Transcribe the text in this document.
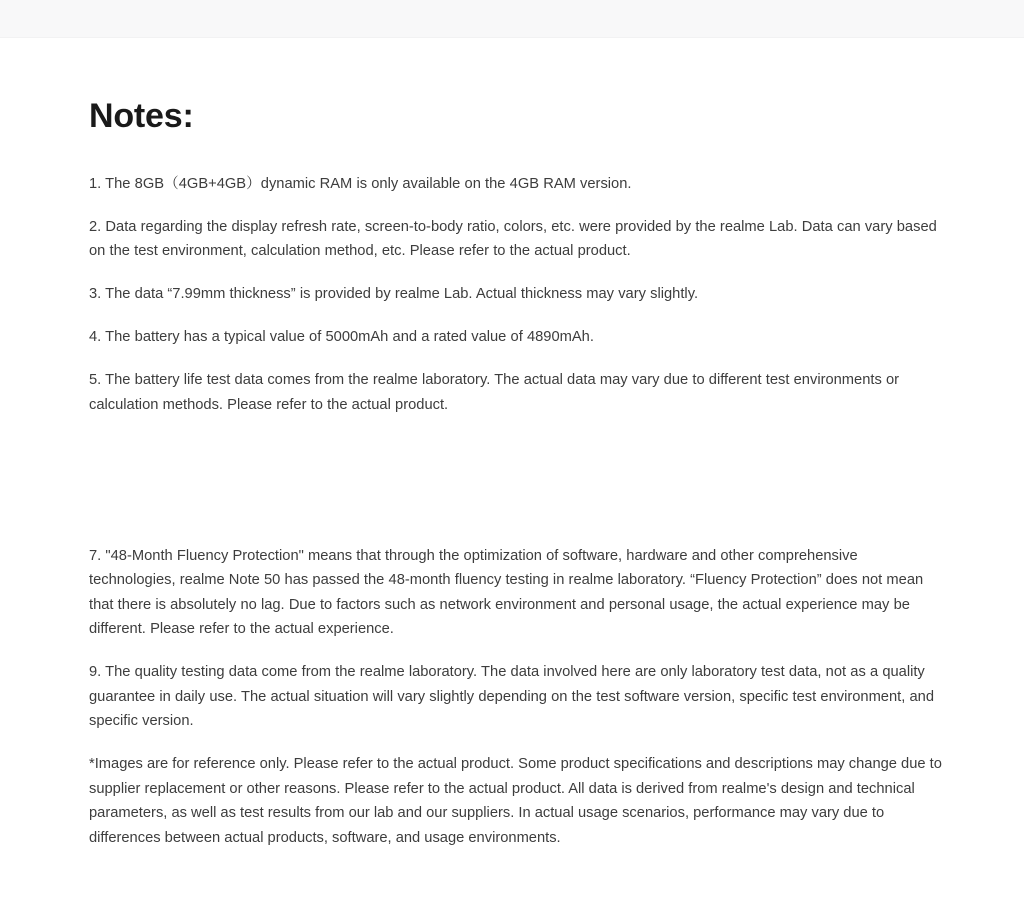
Notes:

1. The 8GB（4GB+4GB）dynamic RAM is only available on the 4GB RAM version.

2. Data regarding the display refresh rate, screen-to-body ratio, colors, etc. were provided by the realme Lab. Data can vary based on the test environment, calculation method, etc. Please refer to the actual product.

3. The data “7.99mm thickness” is provided by realme Lab. Actual thickness may vary slightly.

4. The battery has a typical value of 5000mAh and a rated value of 4890mAh.

5. The battery life test data comes from the realme laboratory. The actual data may vary due to different test environments or calculation methods. Please refer to the actual product.

7. "48-Month Fluency Protection" means that through the optimization of software, hardware and other comprehensive technologies, realme Note 50 has passed the 48-month fluency testing in realme laboratory. “Fluency Protection” does not mean that there is absolutely no lag. Due to factors such as network environment and personal usage, the actual experience may be different. Please refer to the actual experience.

9. The quality testing data come from the realme laboratory. The data involved here are only laboratory test data, not as a quality guarantee in daily use. The actual situation will vary slightly depending on the test software version, specific test environment, and specific version.

*Images are for reference only. Please refer to the actual product. Some product specifications and descriptions may change due to supplier replacement or other reasons. Please refer to the actual product. All data is derived from realme's design and technical parameters, as well as test results from our lab and our suppliers. In actual usage scenarios, performance may vary due to differences between actual products, software, and usage environments.
